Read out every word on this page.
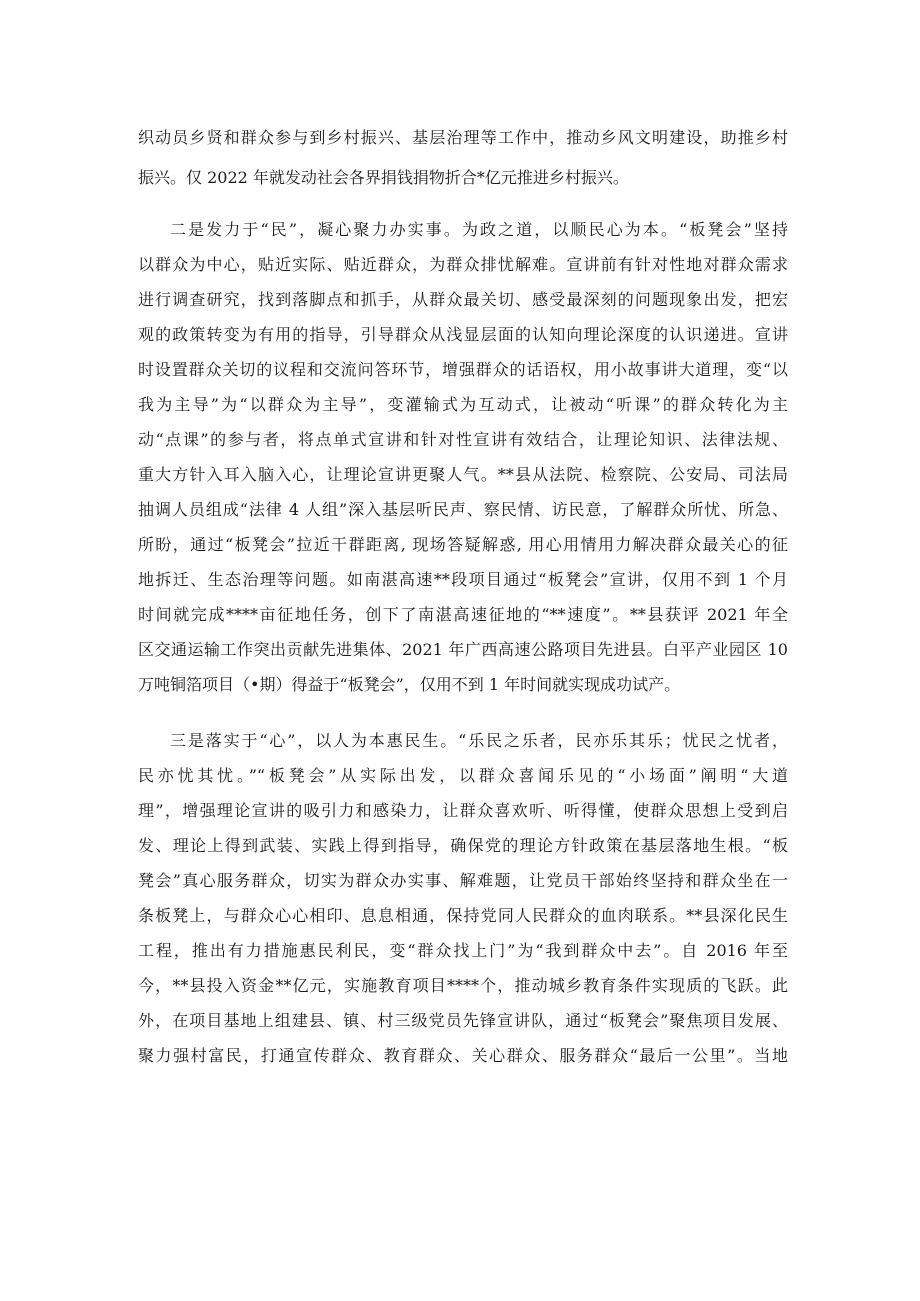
织动员乡贤和群众参与到乡村振兴、基层治理等工作中，推动乡风文明建设，助推乡村
振兴。仅 2022 年就发动社会各界捐钱捐物折合*亿元推进乡村振兴。
二是发力于“民”，凝心聚力办实事。为政之道，以顺民心为本。“板凳会”坚持
以群众为中心，贴近实际、贴近群众，为群众排忧解难。宣讲前有针对性地对群众需求
进行调查研究，找到落脚点和抓手，从群众最关切、感受最深刻的问题现象出发，把宏
观的政策转变为有用的指导，引导群众从浅显层面的认知向理论深度的认识递进。宣讲
时设置群众关切的议程和交流问答环节，增强群众的话语权，用小故事讲大道理，变“以
我为主导”为“以群众为主导”，变灌输式为互动式，让被动“听课”的群众转化为主
动“点课”的参与者，将点单式宣讲和针对性宣讲有效结合，让理论知识、法律法规、
重大方针入耳入脑入心，让理论宣讲更聚人气。**县从法院、检察院、公安局、司法局
抽调人员组成“法律 4 人组”深入基层听民声、察民情、访民意，了解群众所忧、所急、
所盼，通过“板凳会”拉近干群距离, 现场答疑解惑, 用心用情用力解决群众最关心的征
地拆迁、生态治理等问题。如南湛高速**段项目通过“板凳会”宣讲，仅用不到 1 个月
时间就完成****亩征地任务，创下了南湛高速征地的“**速度”。**县获评 2021 年全
区交通运输工作突出贡献先进集体、2021 年广西高速公路项目先进县。白平产业园区 10
万吨铜箔项目（•期）得益于“板凳会”，仅用不到 1 年时间就实现成功试产。
三是落实于“心”，以人为本惠民生。“乐民之乐者，民亦乐其乐；忧民之忧者，
民亦忧其忧。”“板凳会”从实际出发，以群众喜闻乐见的“小场面”阐明“大道
理”，增强理论宣讲的吸引力和感染力，让群众喜欢听、听得懂，使群众思想上受到启
发、理论上得到武装、实践上得到指导，确保党的理论方针政策在基层落地生根。“板
凳会”真心服务群众，切实为群众办实事、解难题，让党员干部始终坚持和群众坐在一
条板凳上，与群众心心相印、息息相通，保持党同人民群众的血肉联系。**县深化民生
工程，推出有力措施惠民利民，变“群众找上门”为“我到群众中去”。自 2016 年至
今，**县投入资金**亿元，实施教育项目****个，推动城乡教育条件实现质的飞跃。此
外，在项目基地上组建县、镇、村三级党员先锋宣讲队，通过“板凳会”聚焦项目发展、
聚力强村富民，打通宣传群众、教育群众、关心群众、服务群众“最后一公里”。当地
